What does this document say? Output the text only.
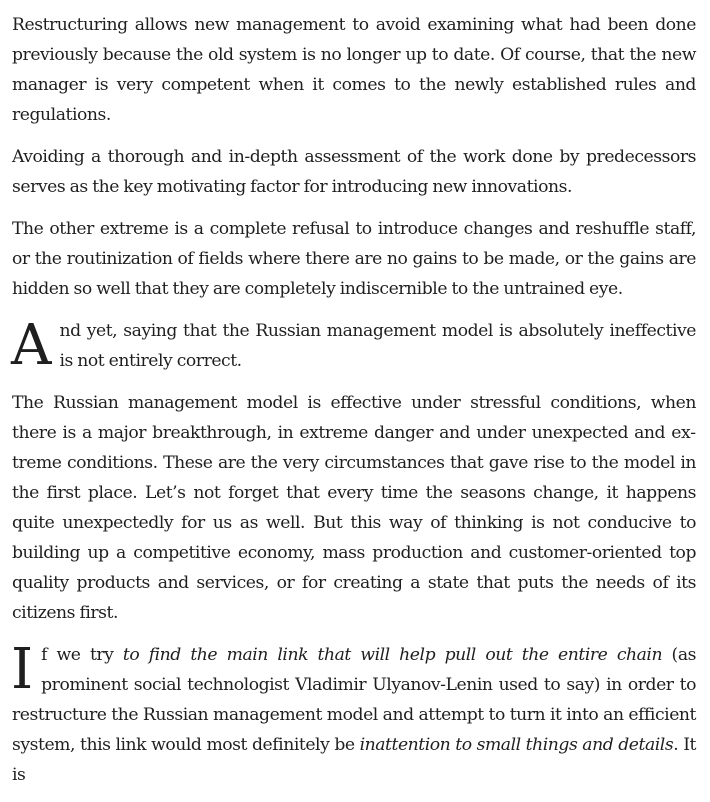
Restructuring allows new management to avoid examining what had been done previously because the old system is no longer up to date. Of course, that the new manager is very competent when it comes to the newly established rules and regulations.

Avoiding a thorough and in-depth assessment of the work done by predecessors serves as the key motivating factor for introducing new innovations.

The other extreme is a complete refusal to introduce changes and reshuffle staff, or the routinization of fields where there are no gains to be made, or the gains are hidden so well that they are completely indiscernible to the untrained eye.

And yet, saying that the Russian management model is absolutely ineffective is not entirely correct.

The Russian management model is effective under stressful conditions, when there is a major breakthrough, in extreme danger and under unexpected and extreme conditions. These are the very circumstances that gave rise to the model in the first place. Let’s not forget that every time the seasons change, it happens quite unexpectedly for us as well. But this way of thinking is not conducive to building up a competitive economy, mass production and customer-oriented top quality products and services, or for creating a state that puts the needs of its citizens first.

If we try to find the main link that will help pull out the entire chain (as prominent social technologist Vladimir Ulyanov-Lenin used to say) in order to restructure the Russian management model and attempt to turn it into an efficient system, this link would most definitely be inattention to small things and details. It is
